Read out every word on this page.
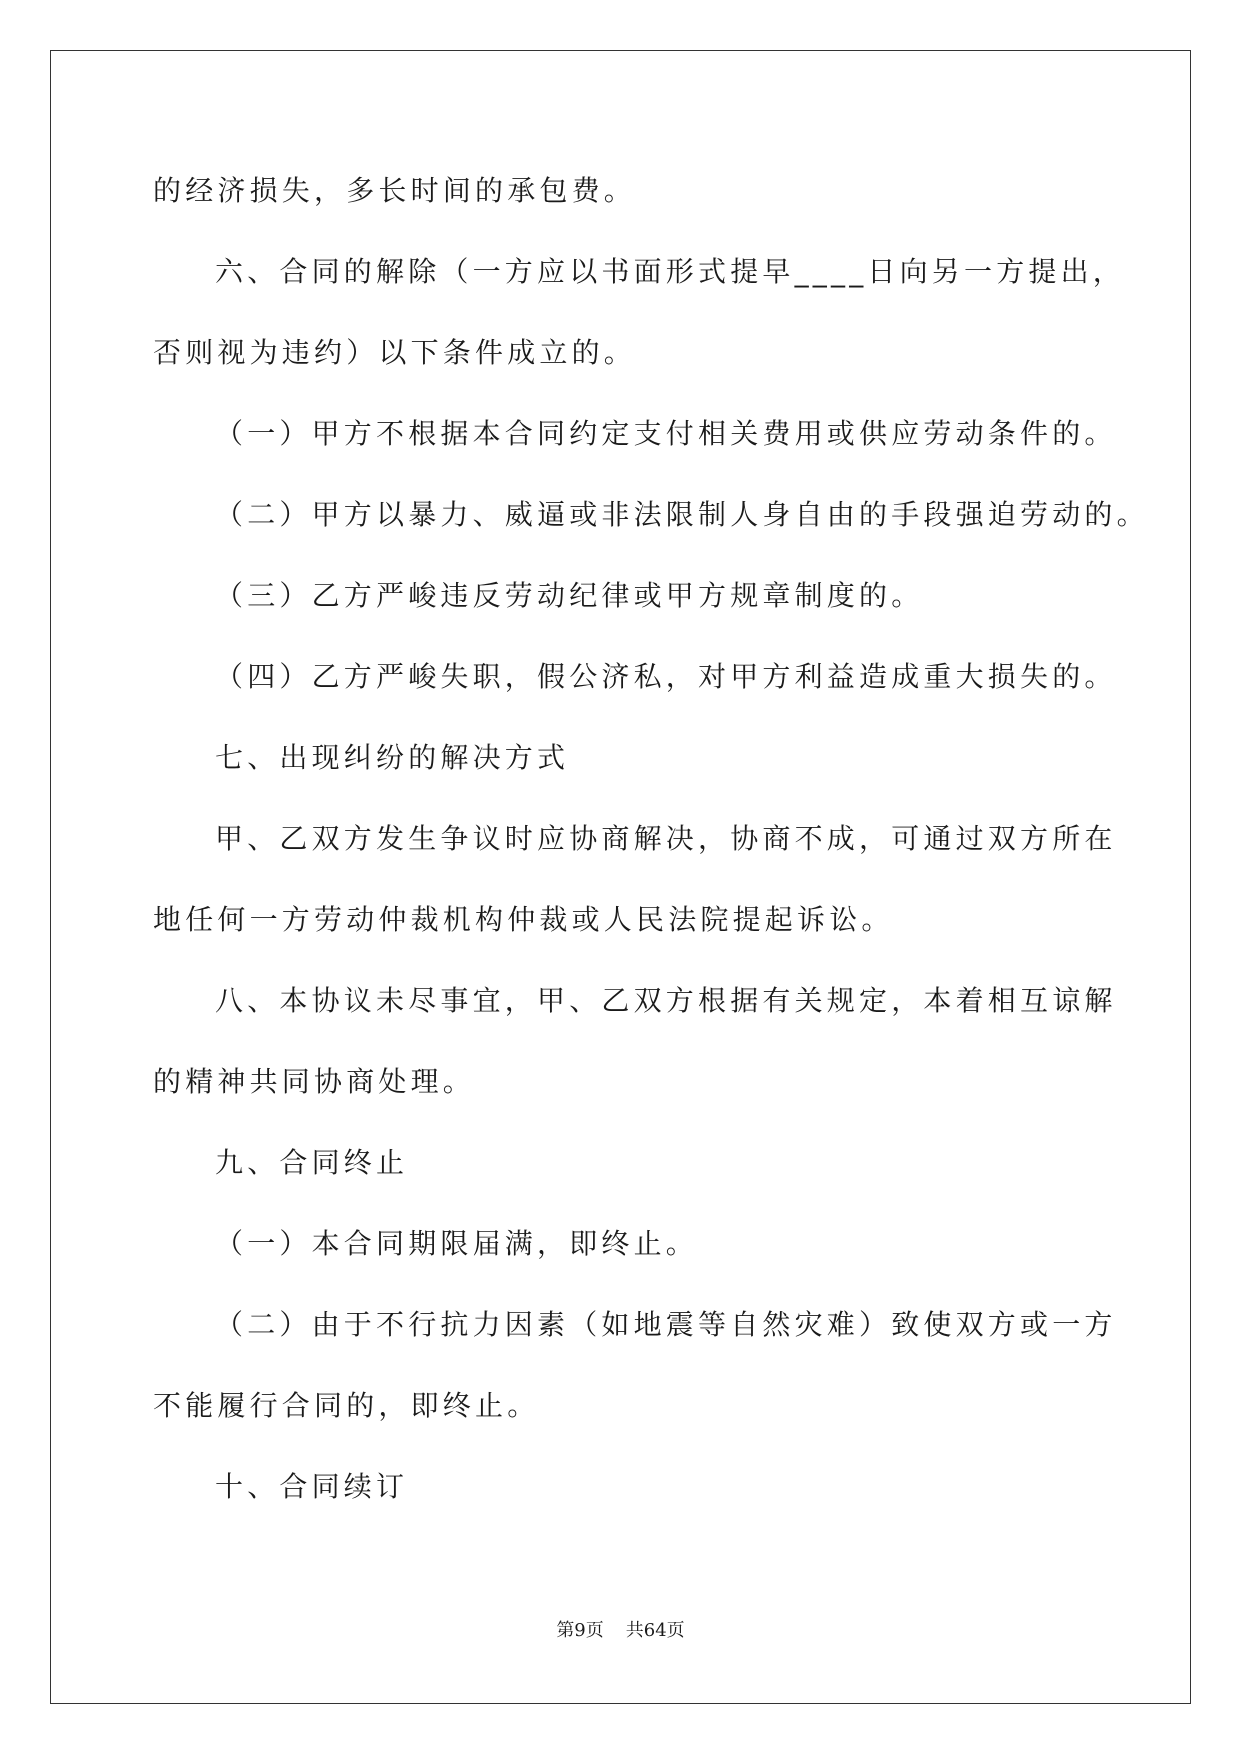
的经济损失，多长时间的承包费。
六、合同的解除（一方应以书面形式提早____日向另一方提出，
否则视为违约）以下条件成立的。
（一）甲方不根据本合同约定支付相关费用或供应劳动条件的。
（二）甲方以暴力、威逼或非法限制人身自由的手段强迫劳动的。
（三）乙方严峻违反劳动纪律或甲方规章制度的。
（四）乙方严峻失职，假公济私，对甲方利益造成重大损失的。
七、出现纠纷的解决方式
甲、乙双方发生争议时应协商解决，协商不成，可通过双方所在
地任何一方劳动仲裁机构仲裁或人民法院提起诉讼。
八、本协议未尽事宜，甲、乙双方根据有关规定，本着相互谅解
的精神共同协商处理。
九、合同终止
（一）本合同期限届满，即终止。
（二）由于不行抗力因素（如地震等自然灾难）致使双方或一方
不能履行合同的，即终止。
十、合同续订
第9页 共64页
